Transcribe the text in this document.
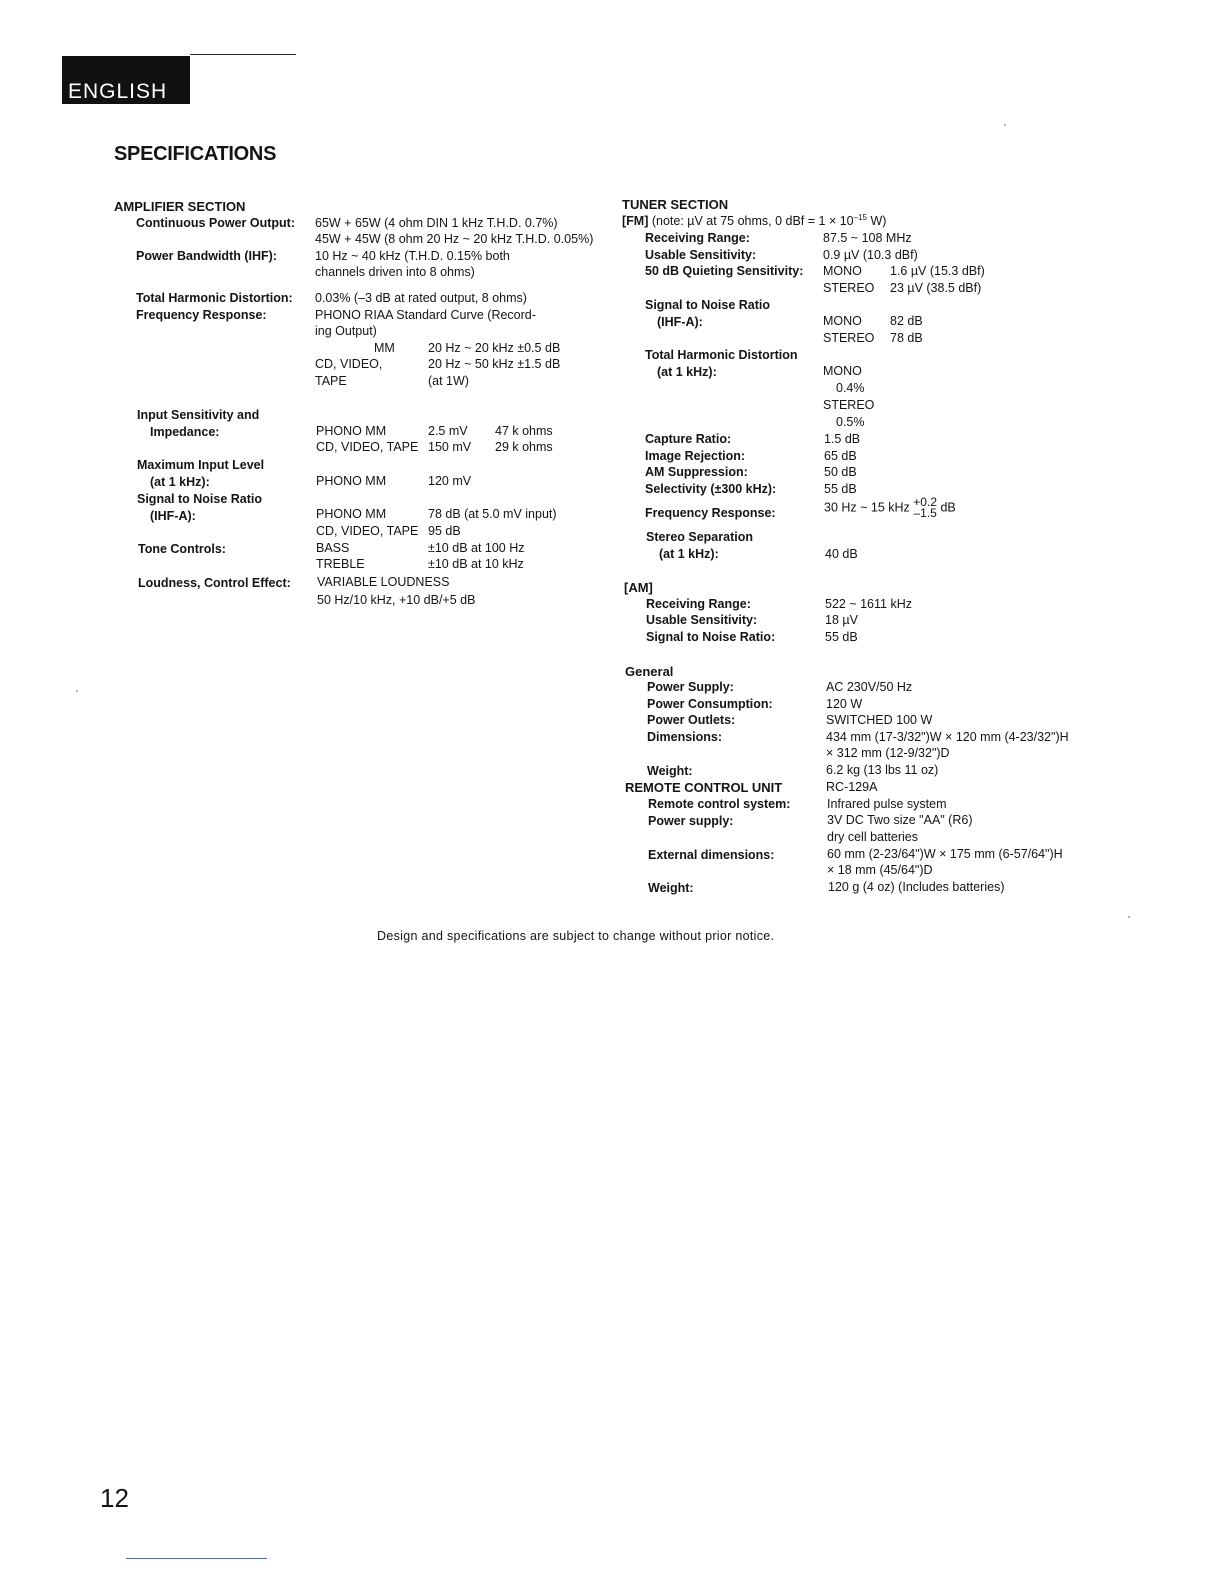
ENGLISH
SPECIFICATIONS
AMPLIFIER SECTION
Continuous Power Output: 65W + 65W (4 ohm DIN 1 kHz T.H.D. 0.7%)
45W + 45W (8 ohm 20 Hz ~ 20 kHz T.H.D. 0.05%)
Power Bandwidth (IHF):	10 Hz ~ 40 kHz (T.H.D. 0.15% both
channels driven into 8 ohms)
Total Harmonic Distortion: 0.03% (–3 dB at rated output, 8 ohms)
Frequency Response:	PHONO RIAA Standard Curve (Record-
ing Output)
MM	20 Hz ~ 20 kHz ±0.5 dB
CD, VIDEO,	20 Hz ~ 50 kHz ±1.5 dB
TAPE	(at 1W)
Input Sensitivity and
Impedance:	PHONO MM	2.5 mV 47 k ohms
CD, VIDEO, TAPE 150 mV 29 k ohms
Maximum Input Level
(at 1 kHz):	PHONO MM	120 mV
Signal to Noise Ratio
(IHF-A):	PHONO MM	78 dB (at 5.0 mV input)
CD, VIDEO, TAPE 95 dB
Tone Controls:	BASS	±10 dB at 100 Hz
TREBLE	±10 dB at 10 kHz
Loudness, Control Effect: VARIABLE LOUDNESS
50 Hz/10 kHz, +10 dB/+5 dB
TUNER SECTION
[FM] (note: µV at 75 ohms, 0 dBf = $1 \times 10^{-15}$ W)
Receiving Range:	87.5 ~ 108 MHz
Usable Sensitivity:	0.9 µV (10.3 dBf)
50 dB Quieting Sensitivity: MONO 1.6 µV (15.3 dBf)
STEREO 23 µV (38.5 dBf)
Signal to Noise Ratio
(IHF-A):	MONO 82 dB
STEREO 78 dB
Total Harmonic Distortion
(at 1 kHz):	MONO
0.4%
STEREO
0.5%
Capture Ratio:	1.5 dB
Image Rejection:	65 dB
AM Suppression:	50 dB
Selectivity (±300 kHz):	55 dB
Frequency Response:	30 Hz ~ 15 kHz +0.2
–1.5 dB
Stereo Separation
(at 1 kHz):	40 dB
[AM]
Receiving Range:	522 ~ 1611 kHz
Usable Sensitivity:	18 µV
Signal to Noise Ratio:	55 dB
General
Power Supply:	AC 230V/50 Hz
Power Consumption:	120 W
Power Outlets:	SWITCHED 100 W
Dimensions:	434 mm (17-3/32")W × 120 mm (4-23/32")H
× 312 mm (12-9/32")D
Weight:	6.2 kg (13 lbs 11 oz)
REMOTE CONTROL UNIT	RC-129A
Remote control system:	Infrared pulse system
Power supply:	3V DC Two size "AA" (R6)
dry cell batteries
External dimensions:	60 mm (2-23/64")W × 175 mm (6-57/64")H
× 18 mm (45/64")D
Weight:	120 g (4 oz) (Includes batteries)
Design and specifications are subject to change without prior notice.
12
